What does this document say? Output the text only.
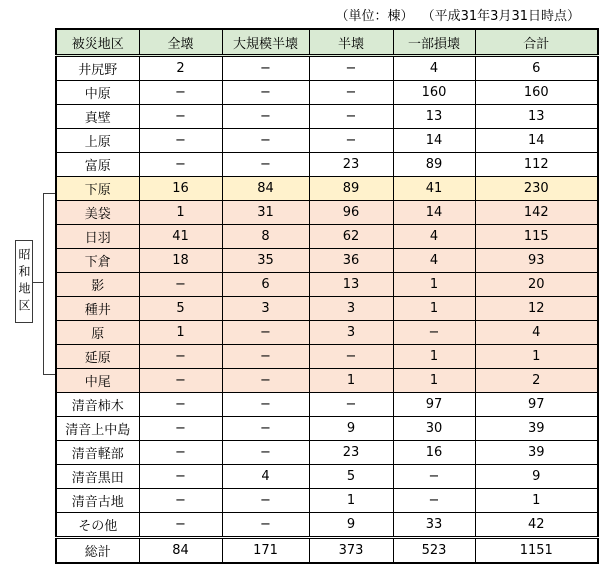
（単位：棟） （平成31年3月31日時点）
被災地区	全壊	大規模半壊	半壊	一部損壊	合計
井尻野	2	−	−	4	6
中原	−	−	−	160	160
真壁	−	−	−	13	13
上原	−	−	−	14	14
富原	−	−	23	89	112
下原	16	84	89	41	230
美袋	1	31	96	14	142
日羽	41	8	62	4	115
下倉	18	35	36	4	93
影	−	6	13	1	20
種井	5	3	3	1	12
原	1	−	3	−	4
延原	−	−	−	1	1
中尾	−	−	1	1	2
清音柿木	−	−	−	97	97
清音上中島	−	−	9	30	39
清音軽部	−	−	23	16	39
清音黒田	−	4	5	−	9
清音古地	−	−	1	−	1
その他	−	−	9	33	42
総計	84	171	373	523	1151
昭和地区
